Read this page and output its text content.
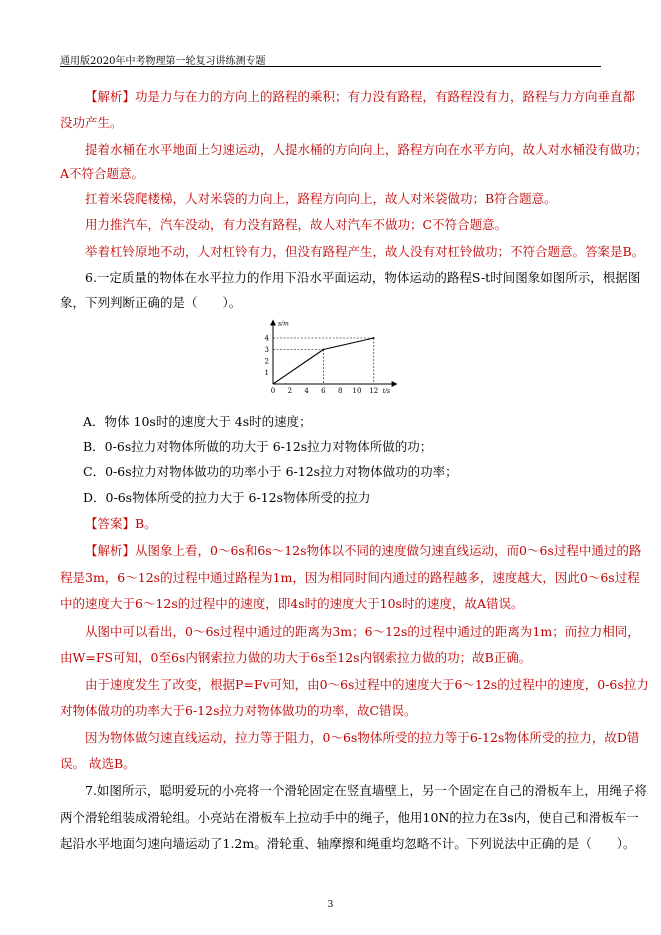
通用版2020年中考物理第一轮复习讲练测专题
【解析】功是力与在力的方向上的路程的乘积；有力没有路程，有路程没有力，路程与力方向垂直都
没功产生。
提着水桶在水平地面上匀速运动，人提水桶的方向向上，路程方向在水平方向，故人对水桶没有做功；
A不符合题意。
扛着米袋爬楼梯，人对米袋的力向上，路程方向向上，故人对米袋做功；B符合题意。
用力推汽车，汽车没动，有力没有路程，故人对汽车不做功；C不符合题意。
举着杠铃原地不动，人对杠铃有力，但没有路程产生，故人没有对杠铃做功；不符合题意。答案是B。
6.一定质量的物体在水平拉力的作用下沿水平面运动，物体运动的路程S-t时间图象如图所示，根据图
象，下列判断正确的是（　　）。
s/m
t/s
0 2 4 6 8 10 12
1
2
3
4
A．物体 10s时的速度大于 4s时的速度；
B．0-6s拉力对物体所做的功大于 6-12s拉力对物体所做的功；
C．0-6s拉力对物体做功的功率小于 6-12s拉力对物体做功的功率；
D．0-6s物体所受的拉力大于 6-12s物体所受的拉力
【答案】B。
【解析】从图象上看，0～6s和6s～12s物体以不同的速度做匀速直线运动，而0～6s过程中通过的路
程是3m，6～12s的过程中通过路程为1m，因为相同时间内通过的路程越多，速度越大，因此0～6s过程
中的速度大于6～12s的过程中的速度，即4s时的速度大于10s时的速度，故A错误。
从图中可以看出，0～6s过程中通过的距离为3m；6～12s的过程中通过的距离为1m；而拉力相同，
由W=FS可知，0至6s内钢索拉力做的功大于6s至12s内钢索拉力做的功；故B正确。
由于速度发生了改变，根据P=Fv可知，由0～6s过程中的速度大于6～12s的过程中的速度，0-6s拉力
对物体做功的功率大于6-12s拉力对物体做功的功率，故C错误。
因为物体做匀速直线运动，拉力等于阻力，0～6s物体所受的拉力等于6-12s物体所受的拉力，故D错
误。 故选B。
7.如图所示，聪明爱玩的小亮将一个滑轮固定在竖直墙壁上，另一个固定在自己的滑板车上，用绳子将
两个滑轮组装成滑轮组。小亮站在滑板车上拉动手中的绳子，他用10N的拉力在3s内，使自己和滑板车一
起沿水平地面匀速向墙运动了1.2m。滑轮重、轴摩擦和绳重均忽略不计。下列说法中正确的是（　　）。
3
